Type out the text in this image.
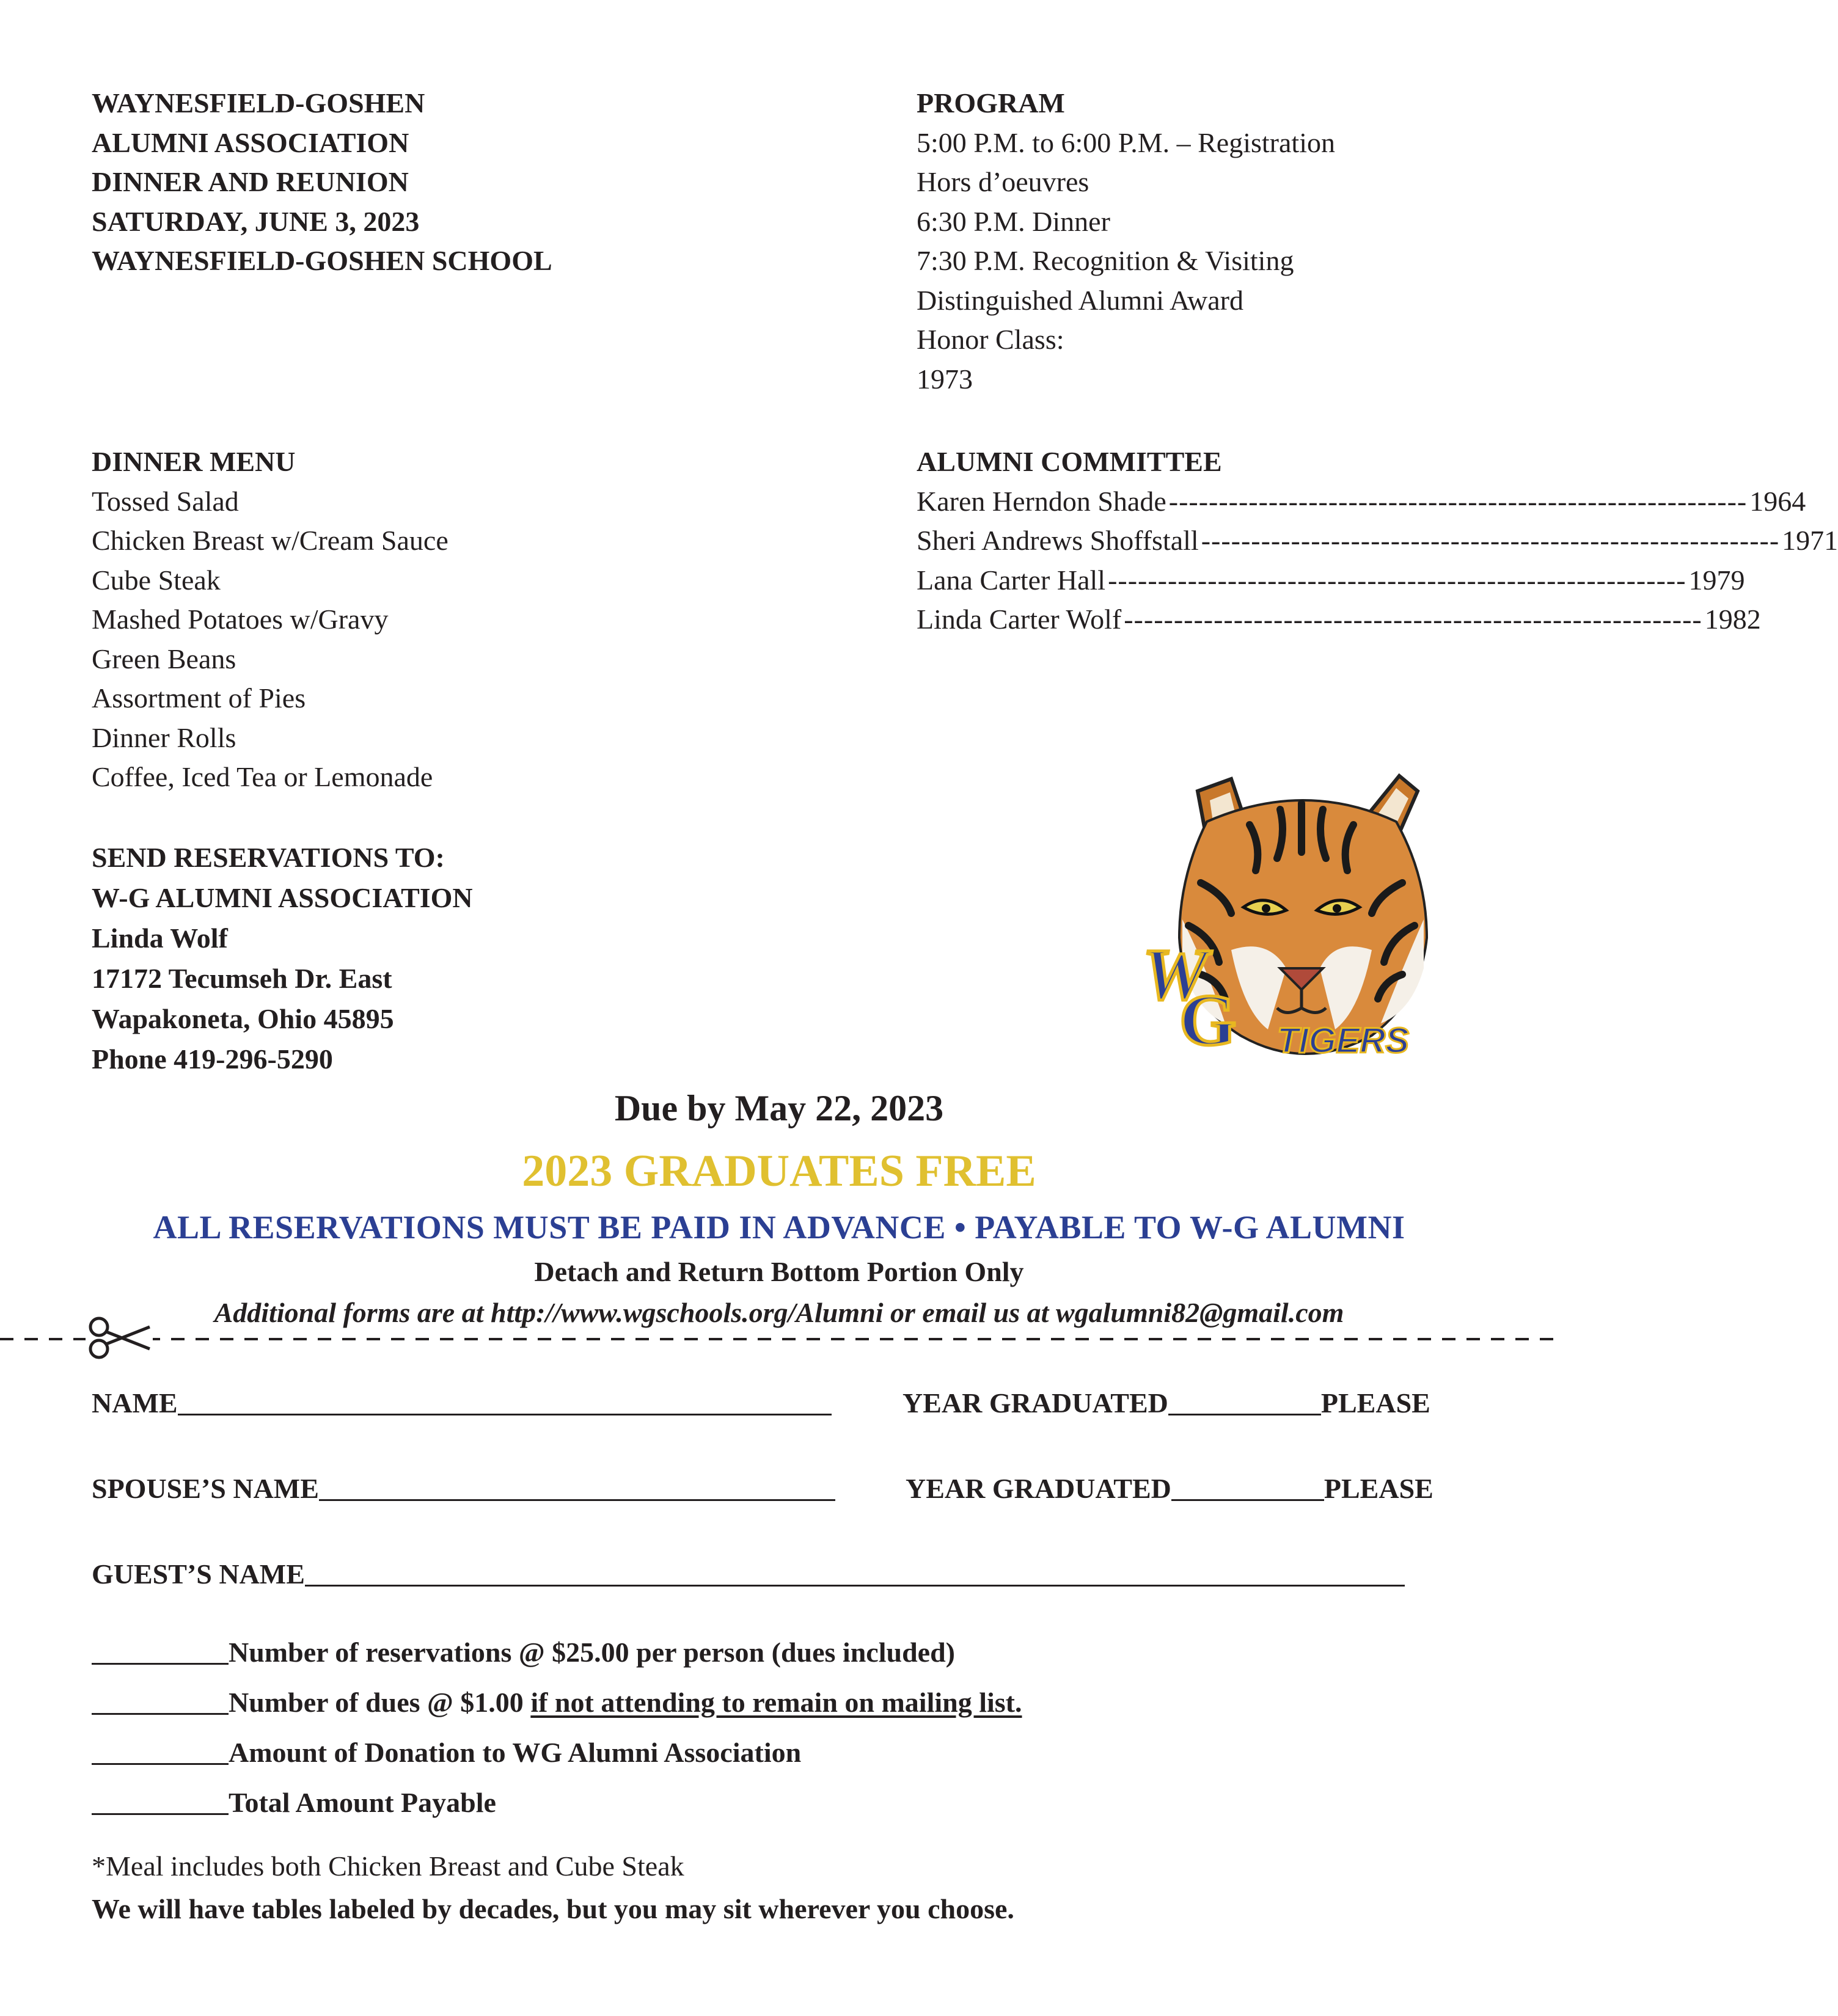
WAYNESFIELD-GOSHEN
ALUMNI ASSOCIATION
DINNER AND REUNION
SATURDAY, JUNE 3, 2023
WAYNESFIELD-GOSHEN SCHOOL
PROGRAM
5:00 P.M. to 6:00 P.M. – Registration
Hors d’oeuvres
6:30 P.M. Dinner
7:30 P.M. Recognition & Visiting
Distinguished Alumni Award
Honor Class:
1973
DINNER MENU
Tossed Salad
Chicken Breast w/Cream Sauce
Cube Steak
Mashed Potatoes w/Gravy
Green Beans
Assortment of Pies
Dinner Rolls
Coffee, Iced Tea or Lemonade
ALUMNI COMMITTEE
Karen Herndon Shade ---------------------------------------------------------- 1964
Sheri Andrews Shoffstall ---------------------------------------------------------- 1971
Lana Carter Hall ---------------------------------------------------------- 1979
Linda Carter Wolf ---------------------------------------------------------- 1982
SEND RESERVATIONS TO:
W-G ALUMNI ASSOCIATION
Linda Wolf
17172 Tecumseh Dr. East
Wapakoneta, Ohio 45895
Phone 419-296-5290
W
G TIGERS
Due by May 22, 2023
2023 GRADUATES FREE
ALL RESERVATIONS MUST BE PAID IN ADVANCE • PAYABLE TO W-G ALUMNI
Detach and Return Bottom Portion Only
Additional forms are at http://www.wgschools.org/Alumni or email us at wgalumni82@gmail.com
NAME	YEAR GRADUATED	PLEASE
SPOUSE’S NAME	YEAR GRADUATED	PLEASE
GUEST’S NAME
Number of reservations @ $25.00 per person (dues included)
Number of dues @ $1.00 if not attending to remain on mailing list.
Amount of Donation to WG Alumni Association
Total Amount Payable
*Meal includes both Chicken Breast and Cube Steak
We will have tables labeled by decades, but you may sit wherever you choose.
